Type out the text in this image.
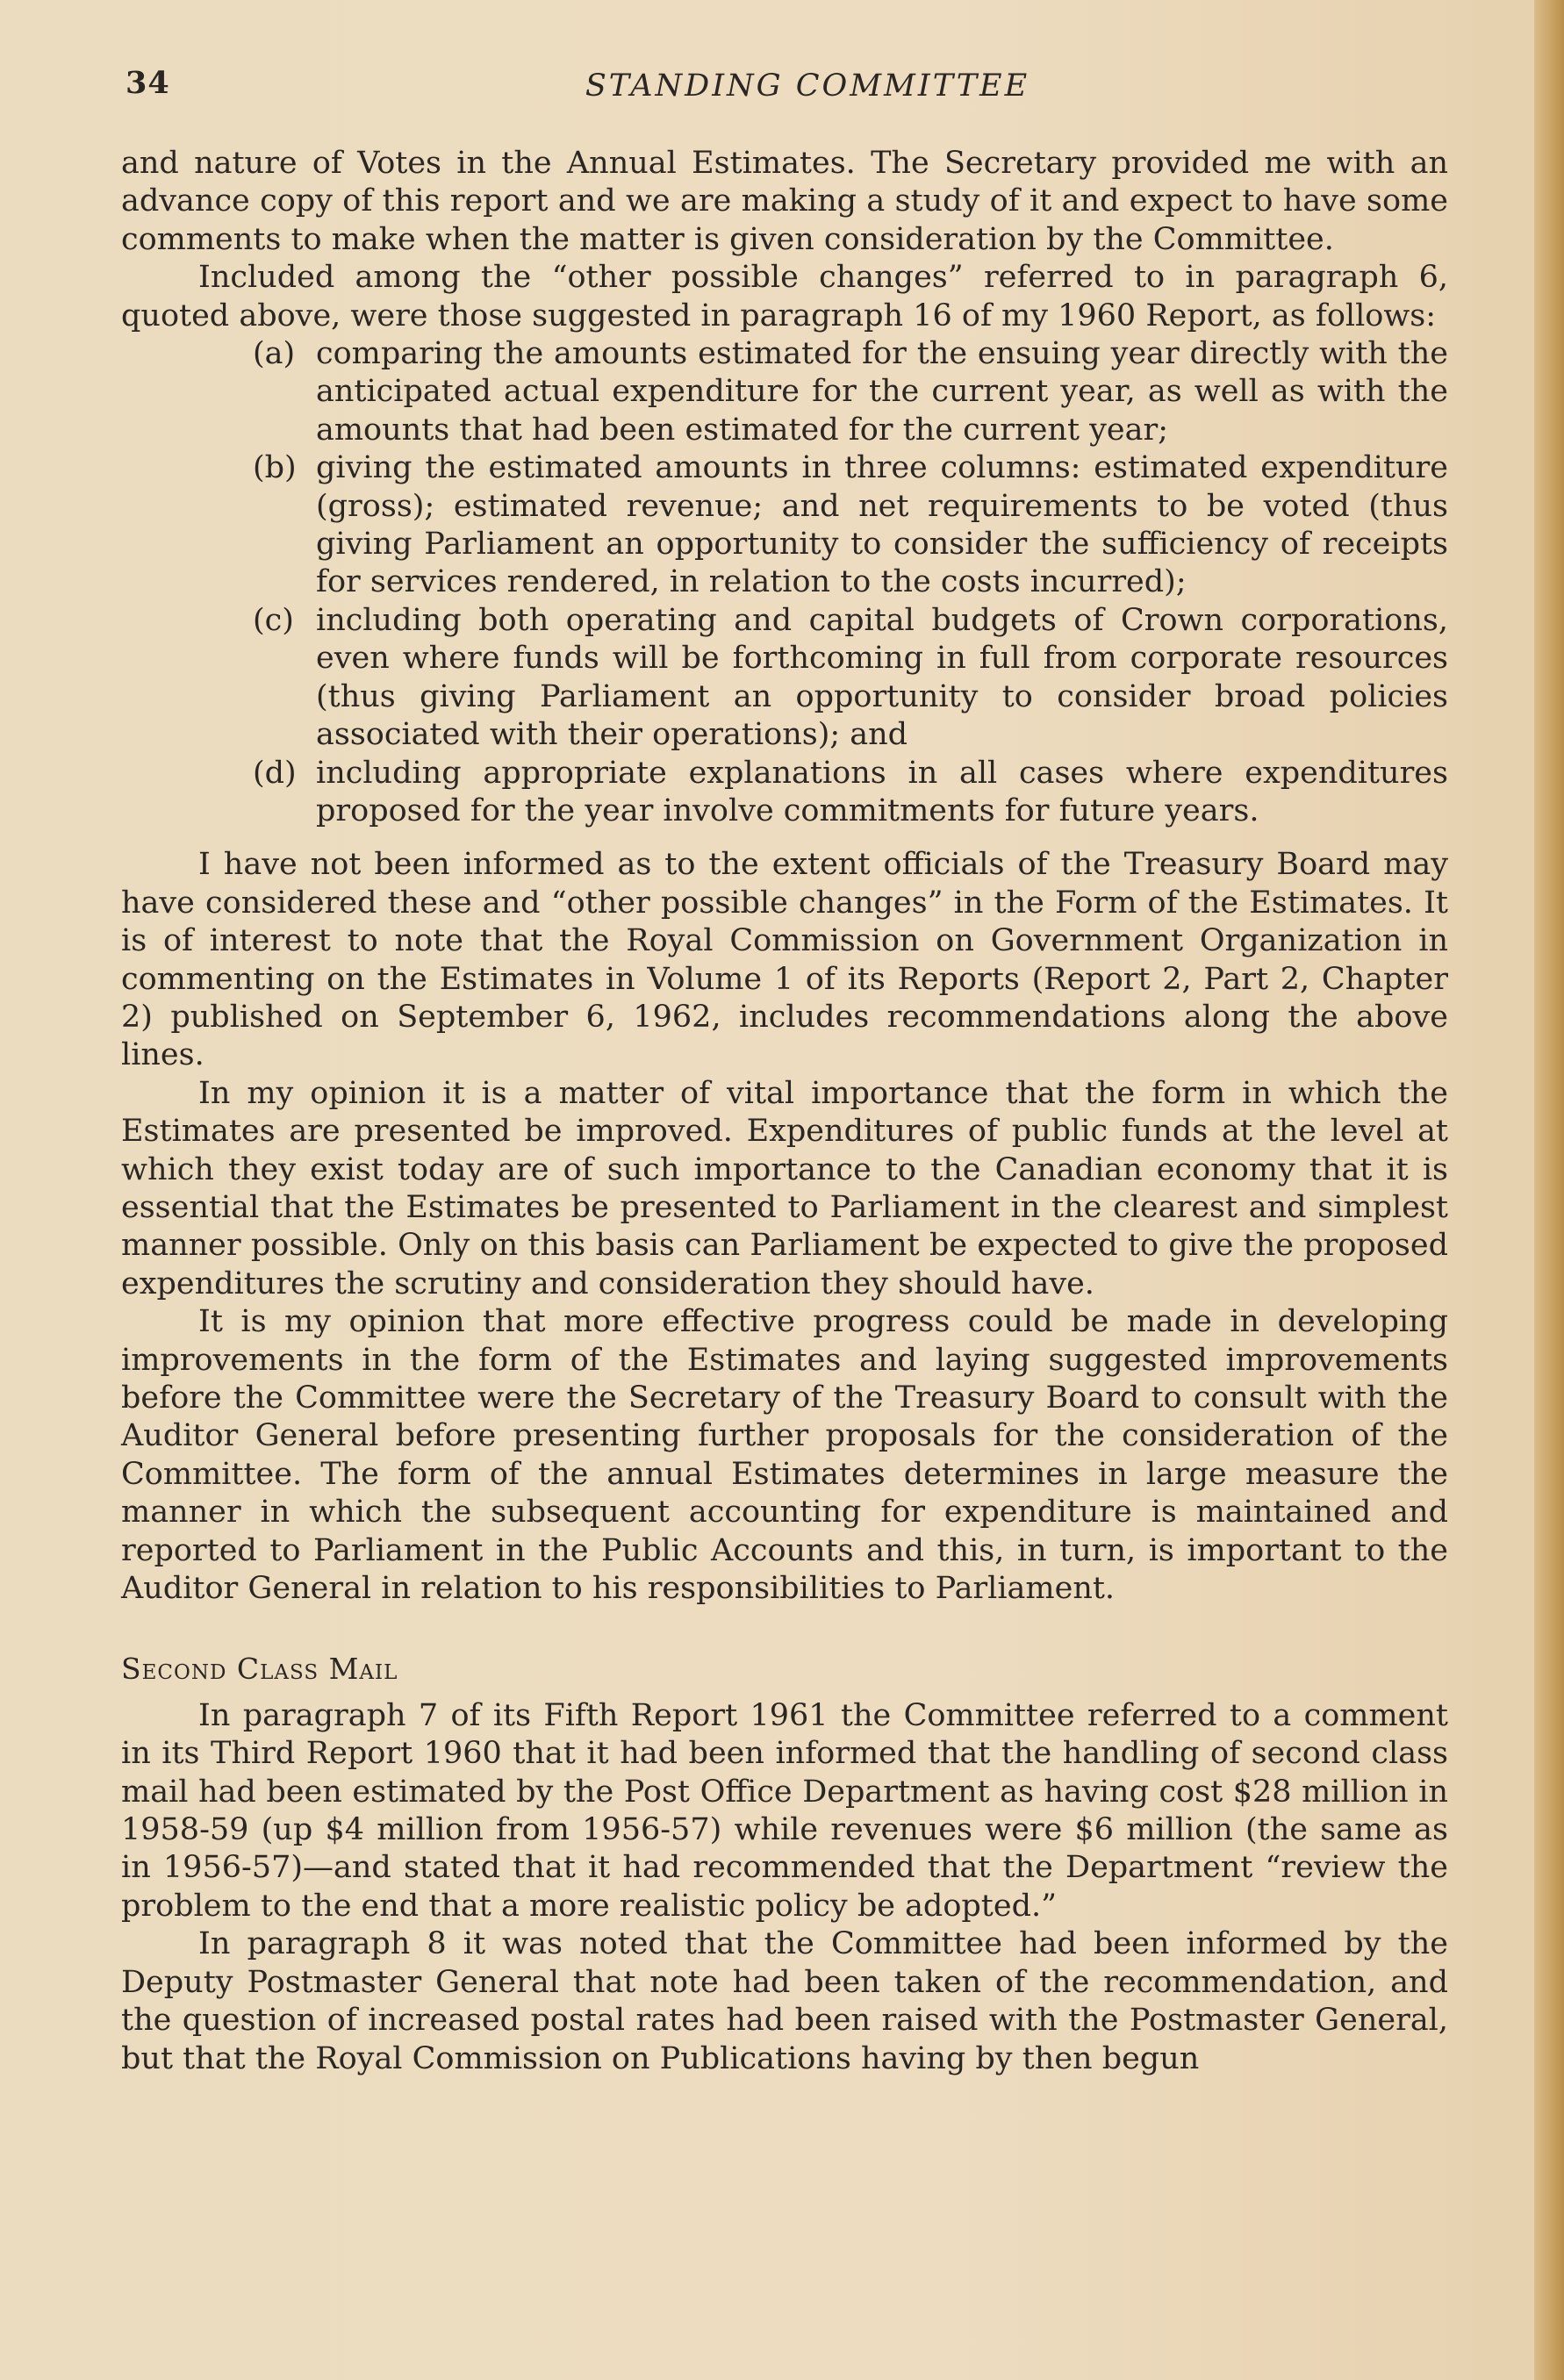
34	STANDING COMMITTEE

and nature of Votes in the Annual Estimates. The Secretary provided me with an advance copy of this report and we are making a study of it and expect to have some comments to make when the matter is given consideration by the Committee.

Included among the “other possible changes” referred to in paragraph 6, quoted above, were those suggested in paragraph 16 of my 1960 Report, as follows:

(a) comparing the amounts estimated for the ensuing year directly with the anticipated actual expenditure for the current year, as well as with the amounts that had been estimated for the current year;
(b) giving the estimated amounts in three columns: estimated expenditure (gross); estimated revenue; and net requirements to be voted (thus giving Parliament an opportunity to consider the sufficiency of receipts for services rendered, in relation to the costs incurred);
(c) including both operating and capital budgets of Crown corporations, even where funds will be forthcoming in full from corporate resources (thus giving Parliament an opportunity to consider broad policies associated with their operations); and
(d) including appropriate explanations in all cases where expenditures proposed for the year involve commitments for future years.

I have not been informed as to the extent officials of the Treasury Board may have considered these and “other possible changes” in the Form of the Estimates. It is of interest to note that the Royal Commission on Government Organization in commenting on the Estimates in Volume 1 of its Reports (Report 2, Part 2, Chapter 2) published on September 6, 1962, includes recommendations along the above lines.

In my opinion it is a matter of vital importance that the form in which the Estimates are presented be improved. Expenditures of public funds at the level at which they exist today are of such importance to the Canadian economy that it is essential that the Estimates be presented to Parliament in the clearest and simplest manner possible. Only on this basis can Parliament be expected to give the proposed expenditures the scrutiny and consideration they should have.

It is my opinion that more effective progress could be made in developing improvements in the form of the Estimates and laying suggested improvements before the Committee were the Secretary of the Treasury Board to consult with the Auditor General before presenting further proposals for the consideration of the Committee. The form of the annual Estimates determines in large measure the manner in which the subsequent accounting for expenditure is maintained and reported to Parliament in the Public Accounts and this, in turn, is important to the Auditor General in relation to his responsibilities to Parliament.

Second Class Mail

In paragraph 7 of its Fifth Report 1961 the Committee referred to a comment in its Third Report 1960 that it had been informed that the handling of second class mail had been estimated by the Post Office Department as having cost $28 million in 1958-59 (up $4 million from 1956-57) while revenues were $6 million (the same as in 1956-57)—and stated that it had recommended that the Department “review the problem to the end that a more realistic policy be adopted.”

In paragraph 8 it was noted that the Committee had been informed by the Deputy Postmaster General that note had been taken of the recommendation, and the question of increased postal rates had been raised with the Postmaster General, but that the Royal Commission on Publications having by then begun
